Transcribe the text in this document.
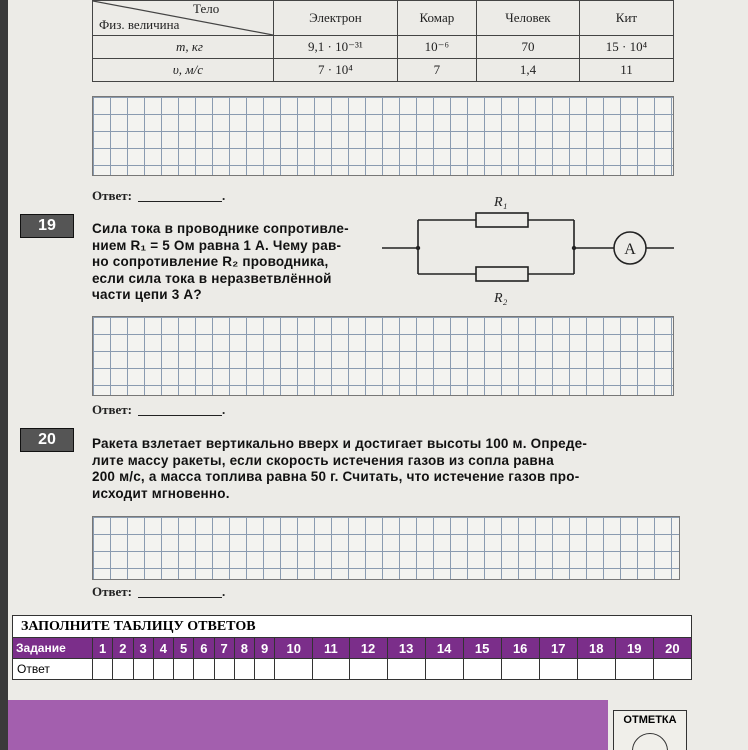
Тело
Физ. величина	Электрон	Комар	Человек	Кит
m, кг	9,1 · 10⁻³¹	10⁻⁶	70	15 · 10⁴
υ, м/с	7 · 10⁴	7	1,4	11
Ответ:	.
19	Сила тока в проводнике сопротивле-
нием R₁ = 5 Ом равна 1 А. Чему рав-
но сопротивление R₂ проводника,
если сила тока в неразветвлённой
части цепи 3 А?
A
R₁
R₂
Ответ:	.
20	Ракета взлетает вертикально вверх и достигает высоты 100 м. Опреде-
лите массу ракеты, если скорость истечения газов из сопла равна
200 м/с, а масса топлива равна 50 г. Считать, что истечение газов про-
исходит мгновенно.
Ответ:	.
ЗАПОЛНИТЕ ТАБЛИЦУ ОТВЕТОВ
Задание	1	2	3	4	5	6	7	8	9	10	11	12	13	14	15	16	17	18	19	20
Ответ																				
ОТМЕТКА
